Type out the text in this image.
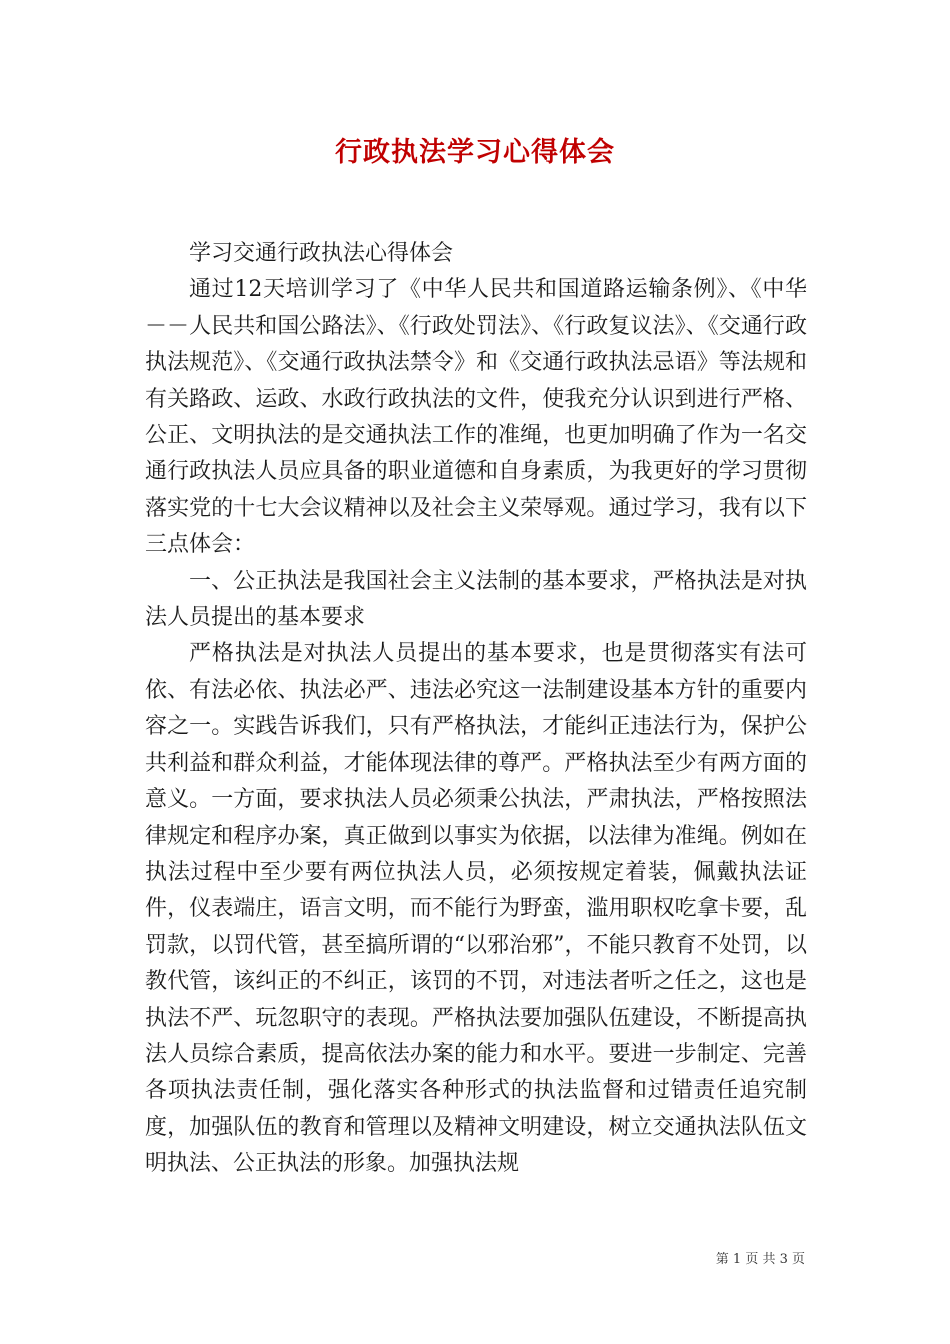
行政执法学习心得体会

学习交通行政执法心得体会

通过12天培训学习了《中华人民共和国道路运输条例》、《中华－－人民共和国公路法》、《行政处罚法》、《行政复议法》、《交通行政执法规范》、《交通行政执法禁令》和《交通行政执法忌语》等法规和有关路政、运政、水政行政执法的文件，使我充分认识到进行严格、公正、文明执法的是交通执法工作的准绳，也更加明确了作为一名交通行政执法人员应具备的职业道德和自身素质，为我更好的学习贯彻落实党的十七大会议精神以及社会主义荣辱观。通过学习，我有以下三点体会：

一、公正执法是我国社会主义法制的基本要求，严格执法是对执法人员提出的基本要求

严格执法是对执法人员提出的基本要求，也是贯彻落实有法可依、有法必依、执法必严、违法必究这一法制建设基本方针的重要内容之一。实践告诉我们，只有严格执法，才能纠正违法行为，保护公共利益和群众利益，才能体现法律的尊严。严格执法至少有两方面的意义。一方面，要求执法人员必须秉公执法，严肃执法，严格按照法律规定和程序办案，真正做到以事实为依据，以法律为准绳。例如在执法过程中至少要有两位执法人员，必须按规定着装，佩戴执法证件，仪表端庄，语言文明，而不能行为野蛮，滥用职权吃拿卡要，乱罚款，以罚代管，甚至搞所谓的“以邪治邪”，不能只教育不处罚，以教代管，该纠正的不纠正，该罚的不罚，对违法者听之任之，这也是执法不严、玩忽职守的表现。严格执法要加强队伍建设，不断提高执法人员综合素质，提高依法办案的能力和水平。要进一步制定、完善各项执法责任制，强化落实各种形式的执法监督和过错责任追究制度，加强队伍的教育和管理以及精神文明建设，树立交通执法队伍文明执法、公正执法的形象。加强执法规

第 1 页 共 3 页
